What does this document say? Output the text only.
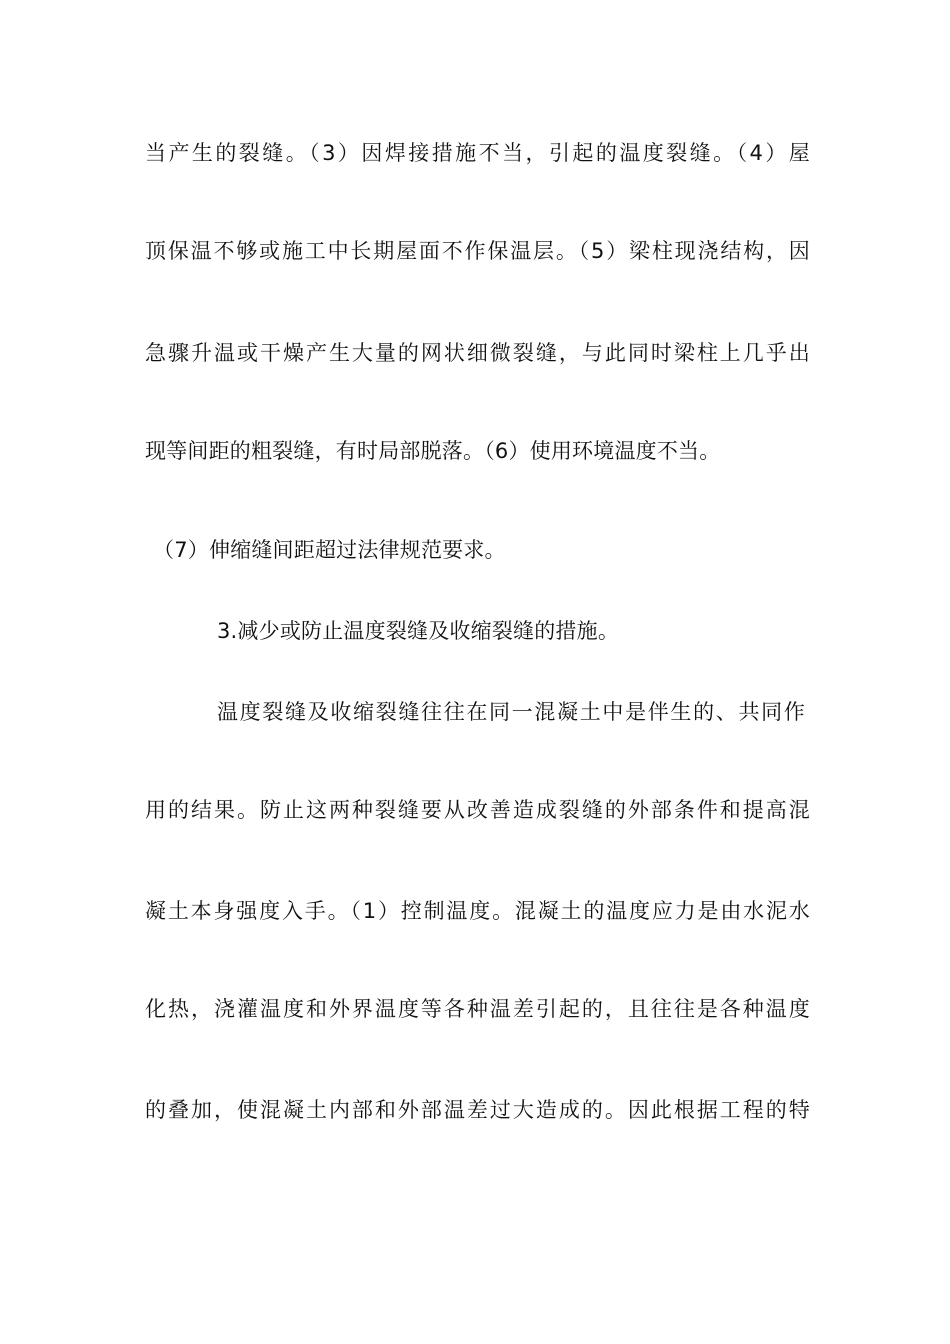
当产生的裂缝。（3）因焊接措施不当，引起的温度裂缝。（4）屋
顶保温不够或施工中长期屋面不作保温层。（5）梁柱现浇结构，因
急骤升温或干燥产生大量的网状细微裂缝，与此同时梁柱上几乎出
现等间距的粗裂缝，有时局部脱落。（6）使用环境温度不当。
（7）伸缩缝间距超过法律规范要求。
3.减少或防止温度裂缝及收缩裂缝的措施。
温度裂缝及收缩裂缝往往在同一混凝土中是伴生的、共同作
用的结果。防止这两种裂缝要从改善造成裂缝的外部条件和提高混
凝土本身强度入手。（1）控制温度。混凝土的温度应力是由水泥水
化热，浇灌温度和外界温度等各种温差引起的，且往往是各种温度
的叠加，使混凝土内部和外部温差过大造成的。因此根据工程的特
